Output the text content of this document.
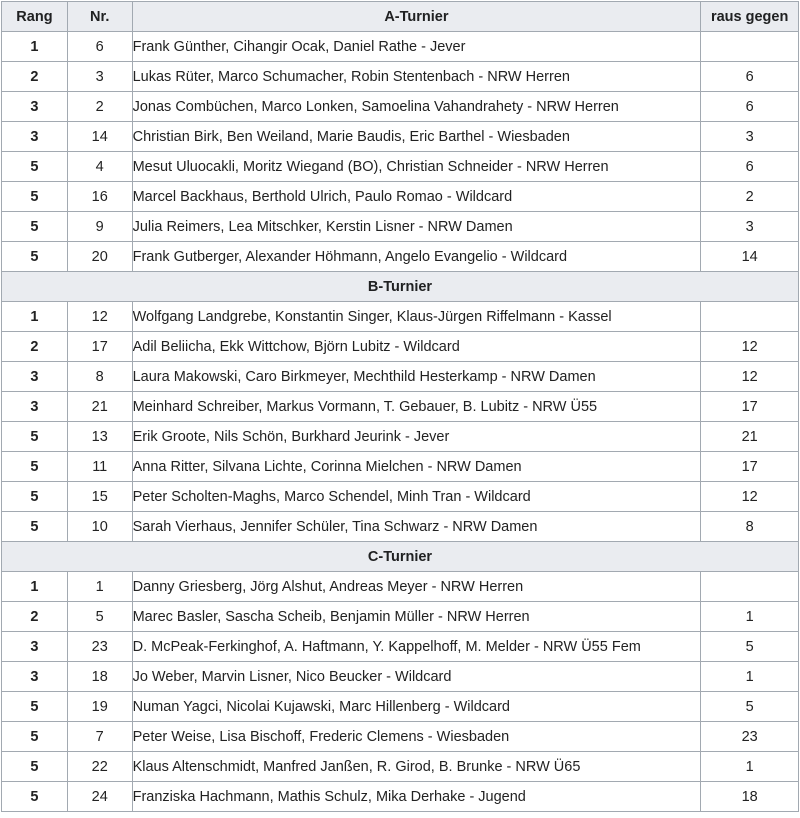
Rang	Nr.	A-Turnier	raus gegen
1	6	Frank Günther, Cihangir Ocak, Daniel Rathe - Jever	
2	3	Lukas Rüter, Marco Schumacher, Robin Stentenbach - NRW Herren	6
3	2	Jonas Combüchen, Marco Lonken, Samoelina Vahandrahety - NRW Herren	6
3	14	Christian Birk, Ben Weiland, Marie Baudis, Eric Barthel - Wiesbaden	3
5	4	Mesut Uluocakli, Moritz Wiegand (BO), Christian Schneider - NRW Herren	6
5	16	Marcel Backhaus, Berthold Ulrich, Paulo Romao - Wildcard	2
5	9	Julia Reimers, Lea Mitschker, Kerstin Lisner - NRW Damen	3
5	20	Frank Gutberger, Alexander Höhmann, Angelo Evangelio - Wildcard	14
B-Turnier			
1	12	Wolfgang Landgrebe, Konstantin Singer, Klaus-Jürgen Riffelmann - Kassel	
2	17	Adil Beliicha, Ekk Wittchow, Björn Lubitz - Wildcard	12
3	8	Laura Makowski, Caro Birkmeyer, Mechthild Hesterkamp - NRW Damen	12
3	21	Meinhard Schreiber, Markus Vormann, T. Gebauer, B. Lubitz - NRW Ü55	17
5	13	Erik Groote, Nils Schön, Burkhard Jeurink - Jever	21
5	11	Anna Ritter, Silvana Lichte, Corinna Mielchen - NRW Damen	17
5	15	Peter Scholten-Maghs, Marco Schendel, Minh Tran - Wildcard	12
5	10	Sarah Vierhaus, Jennifer Schüler, Tina Schwarz - NRW Damen	8
C-Turnier			
1	1	Danny Griesberg, Jörg Alshut, Andreas Meyer - NRW Herren	
2	5	Marec Basler, Sascha Scheib, Benjamin Müller - NRW Herren	1
3	23	D. McPeak-Ferkinghof, A. Haftmann, Y. Kappelhoff, M. Melder - NRW Ü55 Fem	5
3	18	Jo Weber, Marvin Lisner, Nico Beucker - Wildcard	1
5	19	Numan Yagci, Nicolai Kujawski, Marc Hillenberg - Wildcard	5
5	7	Peter Weise, Lisa Bischoff, Frederic Clemens - Wiesbaden	23
5	22	Klaus Altenschmidt, Manfred Janßen, R. Girod, B. Brunke - NRW Ü65	1
5	24	Franziska Hachmann, Mathis Schulz, Mika Derhake - Jugend	18
